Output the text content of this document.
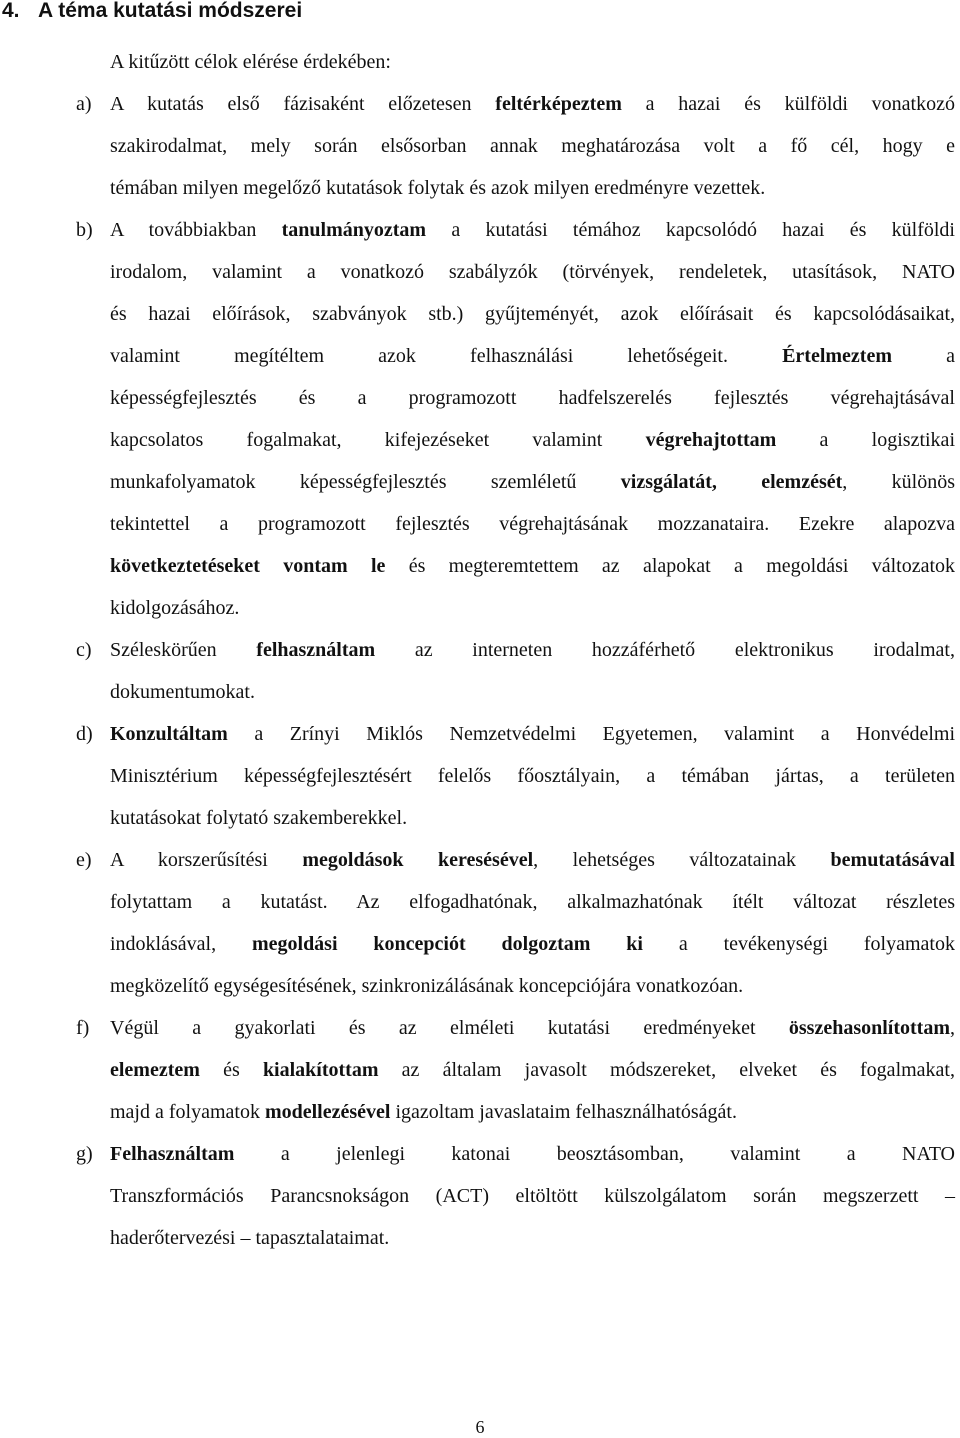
4. A téma kutatási módszerei
A kitűzött célok elérése érdekében:
a) A kutatás első fázisaként előzetesen feltérképeztem a hazai és külföldi vonatkozó
szakirodalmat, mely során elsősorban annak meghatározása volt a fő cél, hogy e
témában milyen megelőző kutatások folytak és azok milyen eredményre vezettek.
b) A továbbiakban tanulmányoztam a kutatási témához kapcsolódó hazai és külföldi
irodalom, valamint a vonatkozó szabályzók (törvények, rendeletek, utasítások, NATO
és hazai előírások, szabványok stb.) gyűjteményét, azok előírásait és kapcsolódásaikat,
valamint megítéltem azok felhasználási lehetőségeit. Értelmeztem a
képességfejlesztés és a programozott hadfelszerelés fejlesztés végrehajtásával
kapcsolatos fogalmakat, kifejezéseket valamint végrehajtottam a logisztikai
munkafolyamatok képességfejlesztés szemléletű vizsgálatát, elemzését, különös
tekintettel a programozott fejlesztés végrehajtásának mozzanataira. Ezekre alapozva
következtetéseket vontam le és megteremtettem az alapokat a megoldási változatok
kidolgozásához.
c) Széleskörűen felhasználtam az interneten hozzáférhető elektronikus irodalmat,
dokumentumokat.
d) Konzultáltam a Zrínyi Miklós Nemzetvédelmi Egyetemen, valamint a Honvédelmi
Minisztérium képességfejlesztésért felelős főosztályain, a témában jártas, a területen
kutatásokat folytató szakemberekkel.
e) A korszerűsítési megoldások keresésével, lehetséges változatainak bemutatásával
folytattam a kutatást. Az elfogadhatónak, alkalmazhatónak ítélt változat részletes
indoklásával, megoldási koncepciót dolgoztam ki a tevékenységi folyamatok
megközelítő egységesítésének, szinkronizálásának koncepciójára vonatkozóan.
f) Végül a gyakorlati és az elméleti kutatási eredményeket összehasonlítottam,
elemeztem és kialakítottam az általam javasolt módszereket, elveket és fogalmakat,
majd a folyamatok modellezésével igazoltam javaslataim felhasználhatóságát.
g) Felhasználtam a jelenlegi katonai beosztásomban, valamint a NATO
Transzformációs Parancsnokságon (ACT) eltöltött külszolgálatom során megszerzett –
haderőtervezési – tapasztalataimat.
6
